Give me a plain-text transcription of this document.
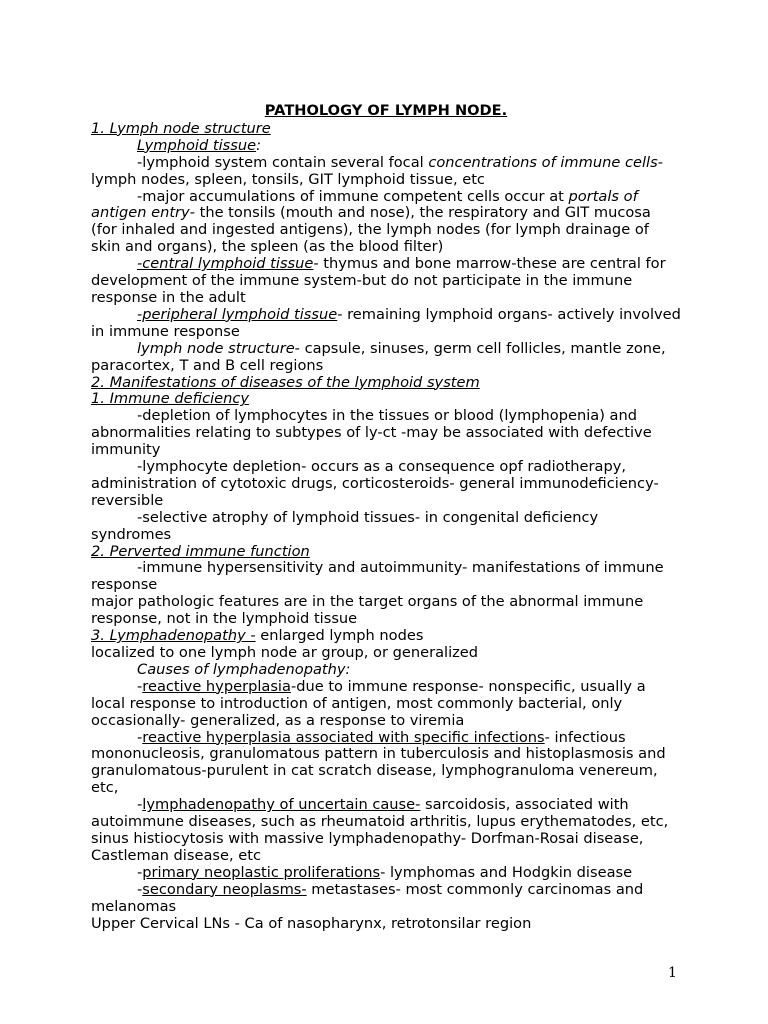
PATHOLOGY OF LYMPH NODE.

1. Lymph node structure

Lymphoid tissue:

-lymphoid system contain several focal concentrations of immune cells- lymph nodes, spleen, tonsils, GIT lymphoid tissue, etc

-major accumulations of immune competent cells occur at portals of antigen entry- the tonsils (mouth and nose), the respiratory and GIT mucosa (for inhaled and ingested antigens), the lymph nodes (for lymph drainage of skin and organs), the spleen (as the blood filter)

-central lymphoid tissue- thymus and bone marrow-these are central for development of the immune system-but do not participate in the immune response in the adult

-peripheral lymphoid tissue- remaining lymphoid organs- actively involved in immune response

lymph node structure- capsule, sinuses, germ cell follicles, mantle zone, paracortex, T and B cell regions

2. Manifestations of diseases of the lymphoid system

1. Immune deficiency

-depletion of lymphocytes in the tissues or blood (lymphopenia) and abnormalities relating to subtypes of ly-ct -may be associated with defective immunity

-lymphocyte depletion- occurs as a consequence opf radiotherapy, administration of cytotoxic drugs, corticosteroids- general immunodeficiency-reversible

-selective atrophy of lymphoid tissues- in congenital deficiency syndromes

2. Perverted immune function

-immune hypersensitivity and autoimmunity- manifestations of immune response

major pathologic features are in the target organs of the abnormal immune response, not in the lymphoid tissue

3. Lymphadenopathy - enlarged lymph nodes

localized to one lymph node ar group, or generalized

Causes of lymphadenopathy:

-reactive hyperplasia-due to immune response- nonspecific, usually a local response to introduction of antigen, most commonly bacterial, only occasionally- generalized, as a response to viremia

-reactive hyperplasia associated with specific infections- infectious mononucleosis, granulomatous pattern in tuberculosis and histoplasmosis and granulomatous-purulent in cat scratch disease, lymphogranuloma venereum, etc,

-lymphadenopathy of uncertain cause- sarcoidosis, associated with autoimmune diseases, such as rheumatoid arthritis, lupus erythematodes, etc, sinus histiocytosis with massive lymphadenopathy- Dorfman-Rosai disease, Castleman disease, etc

-primary neoplastic proliferations- lymphomas and Hodgkin disease

-secondary neoplasms- metastases- most commonly carcinomas and melanomas

Upper Cervical LNs - Ca of nasopharynx, retrotonsilar region

1
